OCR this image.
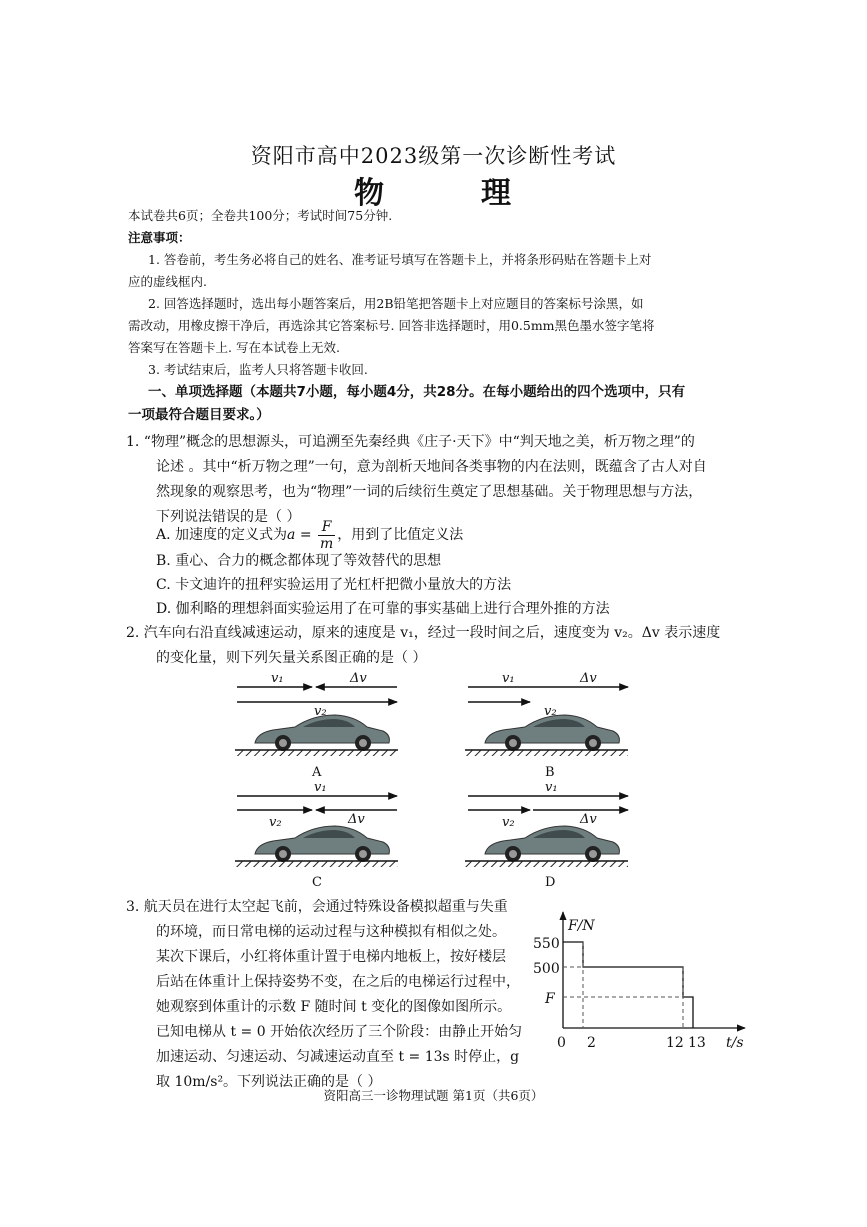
资阳市高中2023级第一次诊断性考试
物	理
本试卷共6页；全卷共100分；考试时间75分钟.
注意事项：
1. 答卷前，考生务必将自己的姓名、准考证号填写在答题卡上，并将条形码贴在答题卡上对
应的虚线框内.
2. 回答选择题时，选出每小题答案后，用2B铅笔把答题卡上对应题目的答案标号涂黑，如
需改动，用橡皮擦干净后，再选涂其它答案标号. 回答非选择题时，用0.5mm黑色墨水签字笔将
答案写在答题卡上. 写在本试卷上无效.
3. 考试结束后，监考人只将答题卡收回.
一、单项选择题（本题共7小题，每小题4分，共28分。在每小题给出的四个选项中，只有
一项最符合题目要求。）
1. “物理”概念的思想源头，可追溯至先秦经典《庄子·天下》中“判天地之美，析万物之理”的
论述 。其中“析万物之理”一句，意为剖析天地间各类事物的内在法则，既蕴含了古人对自
然现象的观察思考，也为“物理”一词的后续衍生奠定了思想基础。关于物理思想与方法，
下列说法错误的是（ ）
A. 加速度的定义式为$a = \frac{F}{m}$ ，用到了比值定义法
B. 重心、合力的概念都体现了等效替代的思想
C. 卡文迪许的扭秤实验运用了光杠杆把微小量放大的方法
D. 伽利略的理想斜面实验运用了在可靠的事实基础上进行合理外推的方法
2. 汽车向右沿直线减速运动，原来的速度是 v₁，经过一段时间之后，速度变为 v₂。Δv 表示速度
的变化量，则下列矢量关系图正确的是（ ）
v₁	Δv
v₂
v₁	Δv
v₂
v₁
Δv
v₂
v₁
Δv
v₂
A	B
C	D
F/N
t/s
0
550
500
F
2	12 13
3. 航天员在进行太空起飞前，会通过特殊设备模拟超重与失重
的环境，而日常电梯的运动过程与这种模拟有相似之处。
某次下课后，小红将体重计置于电梯内地板上，按好楼层
后站在体重计上保持姿势不变，在之后的电梯运行过程中，
她观察到体重计的示数 F 随时间 t 变化的图像如图所示。
已知电梯从 t = 0 开始依次经历了三个阶段：由静止开始匀
加速运动、匀速运动、匀减速运动直至 t = 13s 时停止，g
取 10m/s²。下列说法正确的是（ ）
资阳高三一诊物理试题 第1页（共6页）
